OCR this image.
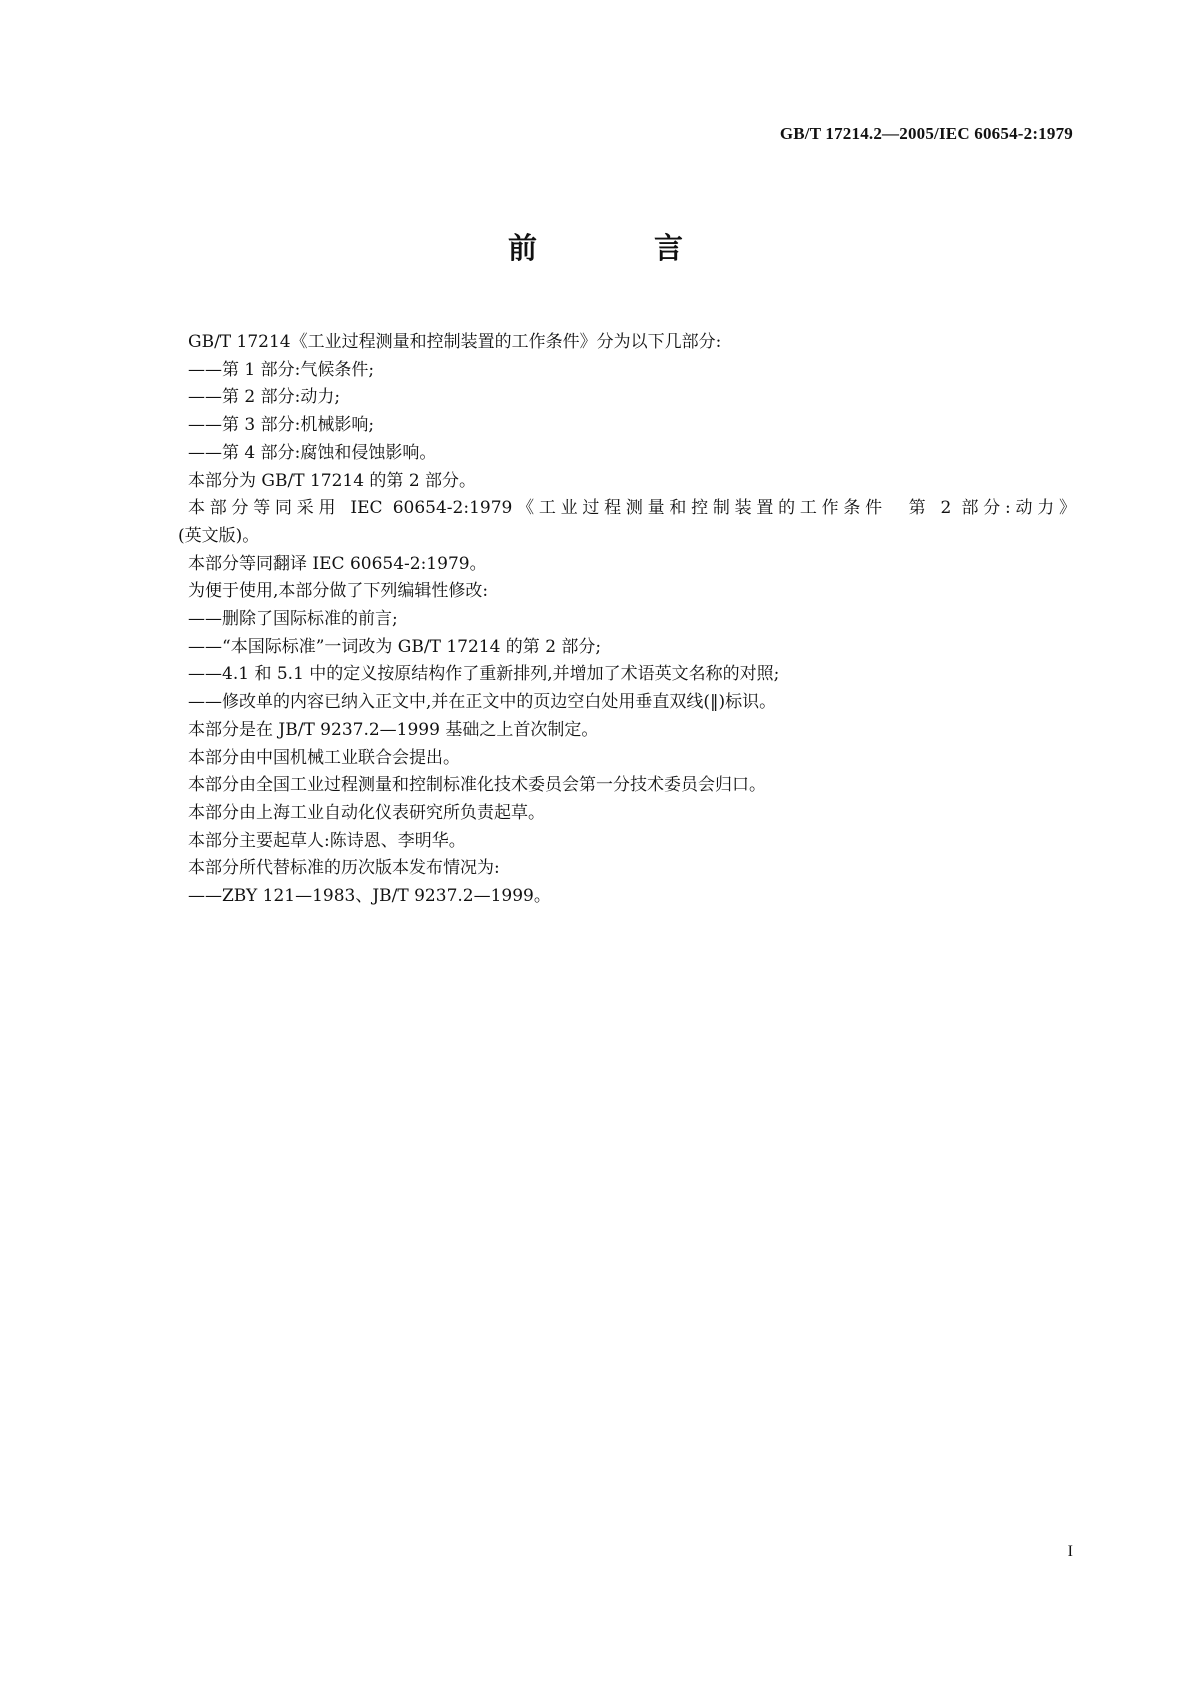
GB/T 17214.2—2005/IEC 60654-2:1979

前　言

GB/T 17214《工业过程测量和控制装置的工作条件》分为以下几部分:

——第 1 部分:气候条件;

——第 2 部分:动力;

——第 3 部分:机械影响;

——第 4 部分:腐蚀和侵蚀影响。

本部分为 GB/T 17214 的第 2 部分。

本部分等同采用 IEC 60654-2:1979《工业过程测量和控制装置的工作条件　第 2 部分:动力》

(英文版)。

本部分等同翻译 IEC 60654-2:1979。

为便于使用,本部分做了下列编辑性修改:

——删除了国际标准的前言;

——“本国际标准”一词改为 GB/T 17214 的第 2 部分;

——4.1 和 5.1 中的定义按原结构作了重新排列,并增加了术语英文名称的对照;

——修改单的内容已纳入正文中,并在正文中的页边空白处用垂直双线(‖)标识。

本部分是在 JB/T 9237.2—1999 基础之上首次制定。

本部分由中国机械工业联合会提出。

本部分由全国工业过程测量和控制标准化技术委员会第一分技术委员会归口。

本部分由上海工业自动化仪表研究所负责起草。

本部分主要起草人:陈诗恩、李明华。

本部分所代替标准的历次版本发布情况为:

——ZBY 121—1983、JB/T 9237.2—1999。

I
